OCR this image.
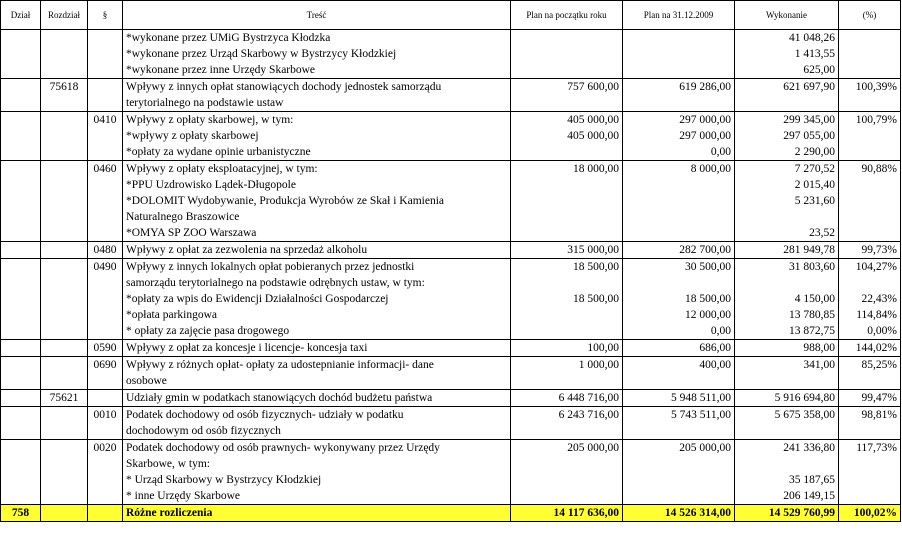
Dział	Rozdział	§	Treść	Plan na początku roku	Plan na 31.12.2009	Wykonanie	(%)

			*wykonane przez UMiG Bystrzyca Kłodzka			41 048,26	

			*wykonane przez Urząd Skarbowy w Bystrzycy Kłodzkiej			1 413,55	

			*wykonane przez inne Urzędy Skarbowe			625,00	
	75618		Wpływy z innych opłat stanowiących dochody jednostek samorządu
terytorialnego na podstawie ustaw	757 600,00	619 286,00	621 697,90	100,39%
		0410	Wpływy z opłaty skarbowej, w tym:	405 000,00	297 000,00	299 345,00	100,79%

			*wpływy z opłaty skarbowej	405 000,00	297 000,00	297 055,00	

			*opłaty za wydane opinie urbanistyczne		0,00	2 290,00	
		0460	Wpływy z opłaty eksploatacyjnej, w tym:	18 000,00	8 000,00	7 270,52	90,88%

			*PPU Uzdrowisko Lądek-Długopole			2 015,40	

			*DOLOMIT Wydobywanie, Produkcja Wyrobów ze Skał i Kamienia
Naturalnego Braszowice			5 231,60	

			*OMYA SP ZOO Warszawa			23,52	
		0480	Wpływy z opłat za zezwolenia na sprzedaż alkoholu	315 000,00	282 700,00	281 949,78	99,73%
		0490	Wpływy z innych lokalnych opłat pobieranych przez jednostki
samorządu terytorialnego na podstawie odrębnych ustaw, w tym:	18 500,00	30 500,00	31 803,60	104,27%

			*opłaty za wpis do Ewidencji Działalności Gospodarczej	18 500,00	18 500,00	4 150,00	22,43%

			*opłata parkingowa		12 000,00	13 780,85	114,84%

			* opłaty za zajęcie pasa drogowego		0,00	13 872,75	0,00%
		0590	Wpływy z opłat za koncesje i licencje- koncesja taxi	100,00	686,00	988,00	144,02%
		0690	Wpływy z różnych opłat- opłaty za udostepnianie informacji- dane
osobowe	1 000,00	400,00	341,00	85,25%
	75621		Udziały gmin w podatkach stanowiących dochód budżetu państwa	6 448 716,00	5 948 511,00	5 916 694,80	99,47%
		0010	Podatek dochodowy od osób fizycznych- udziały w podatku
dochodowym od osób fizycznych	6 243 716,00	5 743 511,00	5 675 358,00	98,81%
		0020	Podatek dochodowy od osób prawnych- wykonywany przez Urzędy
Skarbowe, w tym:	205 000,00	205 000,00	241 336,80	117,73%

			* Urząd Skarbowy w Bystrzycy Kłodzkiej			35 187,65	

			* inne Urzędy Skarbowe			206 149,15	
758			Różne rozliczenia	14 117 636,00	14 526 314,00	14 529 760,99	100,02%
